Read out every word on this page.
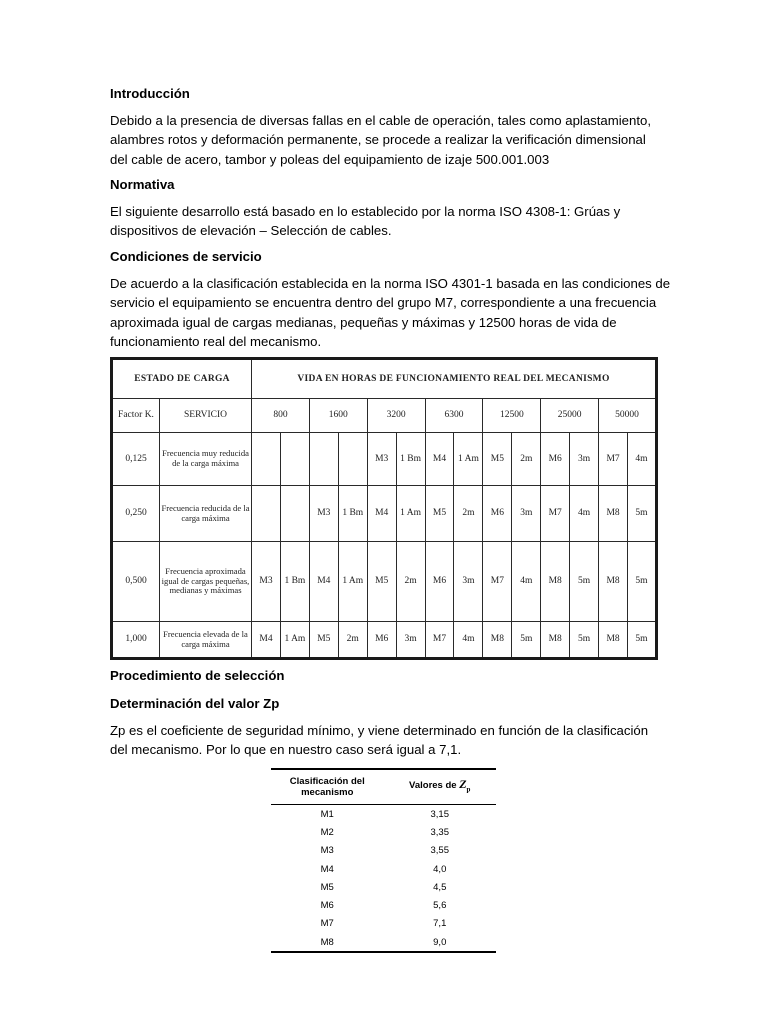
Introducción
Debido a la presencia de diversas fallas en el cable de operación, tales como aplastamiento,
alambres rotos y deformación permanente, se procede a realizar la verificación dimensional
del cable de acero, tambor y poleas del equipamiento de izaje 500.001.003
Normativa
El siguiente desarrollo está basado en lo establecido por la norma ISO 4308-1: Grúas y
dispositivos de elevación – Selección de cables.
Condiciones de servicio
De acuerdo a la clasificación establecida en la norma ISO 4301-1 basada en las condiciones de
servicio el equipamiento se encuentra dentro del grupo M7, correspondiente a una frecuencia
aproximada igual de cargas medianas, pequeñas y máximas y 12500 horas de vida de
funcionamiento real del mecanismo.
Procedimiento de selección
Determinación del valor Zp
Zp es el coeficiente de seguridad mínimo, y viene determinado en función de la clasificación
del mecanismo. Por lo que en nuestro caso será igual a 7,1.
ESTADO DE CARGA		VIDA EN HORAS DE FUNCIONAMIENTO REAL DEL MECANISMO													
Factor K.	SERVICIO	800		1600		3200		6300		12500		25000		50000	
0,125	Frecuencia muy reducida de la carga máxima					M3	1 Bm	M4	1 Am	M5	2m	M6	3m	M7	4m
0,250	Frecuencia reducida de la carga máxima			M3	1 Bm	M4	1 Am	M5	2m	M6	3m	M7	4m	M8	5m
0,500	Frecuencia aproximada igual de cargas pequeñas, medianas y máximas	M3	1 Bm	M4	1 Am	M5	2m	M6	3m	M7	4m	M8	5m	M8	5m
1,000	Frecuencia elevada de la carga máxima	M4	1 Am	M5	2m	M6	3m	M7	4m	M8	5m	M8	5m	M8	5m
Clasificación del mecanismo	Valores de $Z_p$
M1	3,15
M2	3,35
M3	3,55
M4	4,0
M5	4,5
M6	5,6
M7	7,1
M8	9,0
